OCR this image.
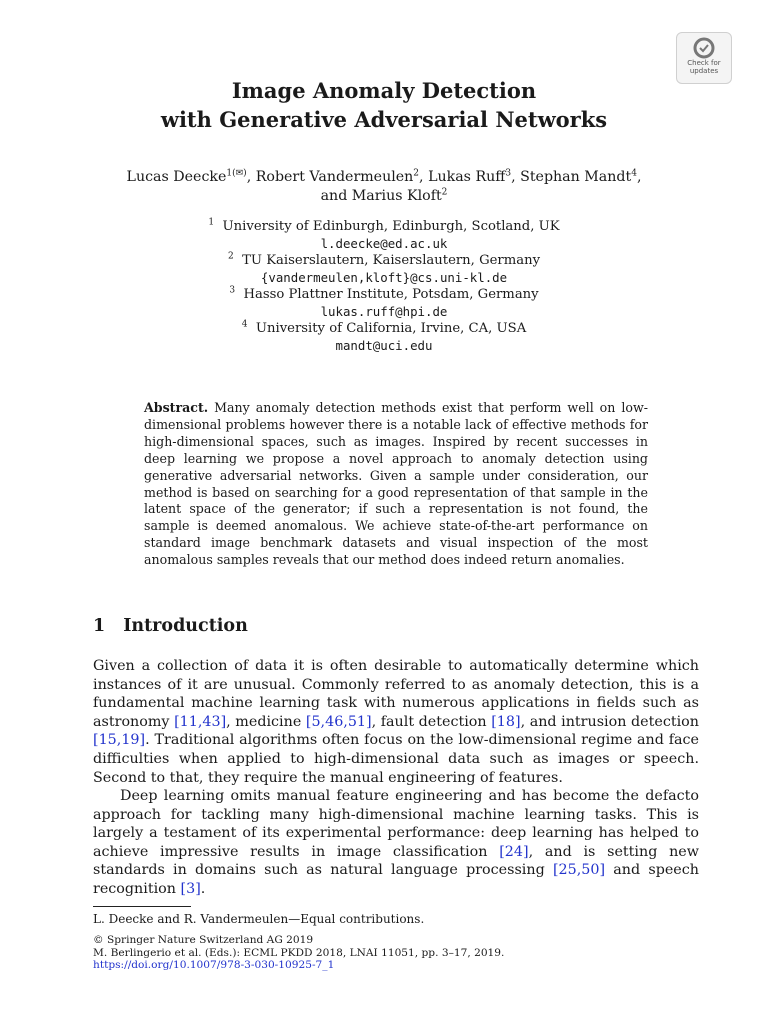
Check for
updates
Image Anomaly Detection
with Generative Adversarial Networks
Lucas Deecke$^{1(✉)}$, Robert Vandermeulen$^2$, Lukas Ruff$^3$, Stephan Mandt$^4$,
and Marius Kloft$^2$
$^1$ University of Edinburgh, Edinburgh, Scotland, UK
l.deecke@ed.ac.uk
$^2$ TU Kaiserslautern, Kaiserslautern, Germany
{vandermeulen,kloft}@cs.uni-kl.de
$^3$ Hasso Plattner Institute, Potsdam, Germany
lukas.ruff@hpi.de
$^4$ University of California, Irvine, CA, USA
mandt@uci.edu
Abstract. Many anomaly detection methods exist that perform well on low-dimensional problems however there is a notable lack of effective methods for high-dimensional spaces, such as images. Inspired by recent successes in deep learning we propose a novel approach to anomaly detection using generative adversarial networks. Given a sample under consideration, our method is based on searching for a good representation of that sample in the latent space of the generator; if such a representation is not found, the sample is deemed anomalous. We achieve state-of-the-art performance on standard image benchmark datasets and visual inspection of the most anomalous samples reveals that our method does indeed return anomalies.
1 Introduction
Given a collection of data it is often desirable to automatically determine which instances of it are unusual. Commonly referred to as anomaly detection, this is a fundamental machine learning task with numerous applications in fields such as astronomy [11,43], medicine [5,46,51], fault detection [18], and intrusion detection [15,19]. Traditional algorithms often focus on the low-dimensional regime and face difficulties when applied to high-dimensional data such as images or speech. Second to that, they require the manual engineering of features.
Deep learning omits manual feature engineering and has become the defacto approach for tackling many high-dimensional machine learning tasks. This is largely a testament of its experimental performance: deep learning has helped to achieve impressive results in image classification [24], and is setting new standards in domains such as natural language processing [25,50] and speech recognition [3].
L. Deecke and R. Vandermeulen—Equal contributions.
© Springer Nature Switzerland AG 2019
M. Berlingerio et al. (Eds.): ECML PKDD 2018, LNAI 11051, pp. 3–17, 2019.
https://doi.org/10.1007/978-3-030-10925-7_1
